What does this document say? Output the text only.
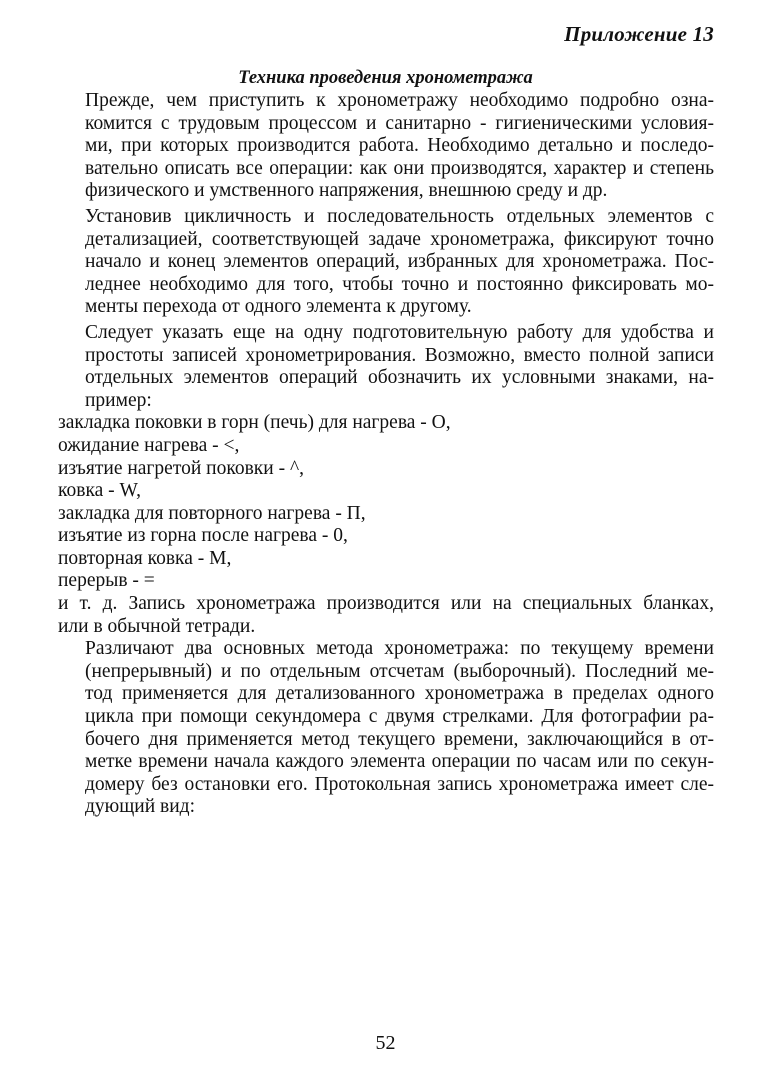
Приложение 13
Техника проведения хронометража

Прежде, чем приступить к хронометражу необходимо подробно озна-
комится с трудовым процессом и санитарно - гигиеническими условия-
ми, при которых производится работа. Необходимо детально и последо-
вательно описать все операции: как они производятся, характер и степень
физического и умственного напряжения, внешнюю среду и др.

Установив цикличность и последовательность отдельных элементов с
детализацией, соответствующей задаче хронометража, фиксируют точно
начало и конец элементов операций, избранных для хронометража. Пос-
леднее необходимо для того, чтобы точно и постоянно фиксировать мо-
менты перехода от одного элемента к другому.

Следует указать еще на одну подготовительную работу для удобства и
простоты записей хронометрирования. Возможно, вместо полной записи
отдельных элементов операций обозначить их условными знаками, на-
пример:

закладка поковки в горн (печь) для нагрева - О,
ожидание нагрева - <,
изъятие нагретой поковки - ^,
ковка - W,
закладка для повторного нагрева - П,
изъятие из горна после нагрева - 0,
повторная ковка - М,
перерыв - =

и т. д. Запись хронометража производится или на специальных бланках,
или в обычной тетради.

Различают два основных метода хронометража: по текущему времени
(непрерывный) и по отдельным отсчетам (выборочный). Последний ме-
тод применяется для детализованного хронометража в пределах одного
цикла при помощи секундомера с двумя стрелками. Для фотографии ра-
бочего дня применяется метод текущего времени, заключающийся в от-
метке времени начала каждого элемента операции по часам или по секун-
домеру без остановки его. Протокольная запись хронометража имеет сле-
дующий вид:

52
